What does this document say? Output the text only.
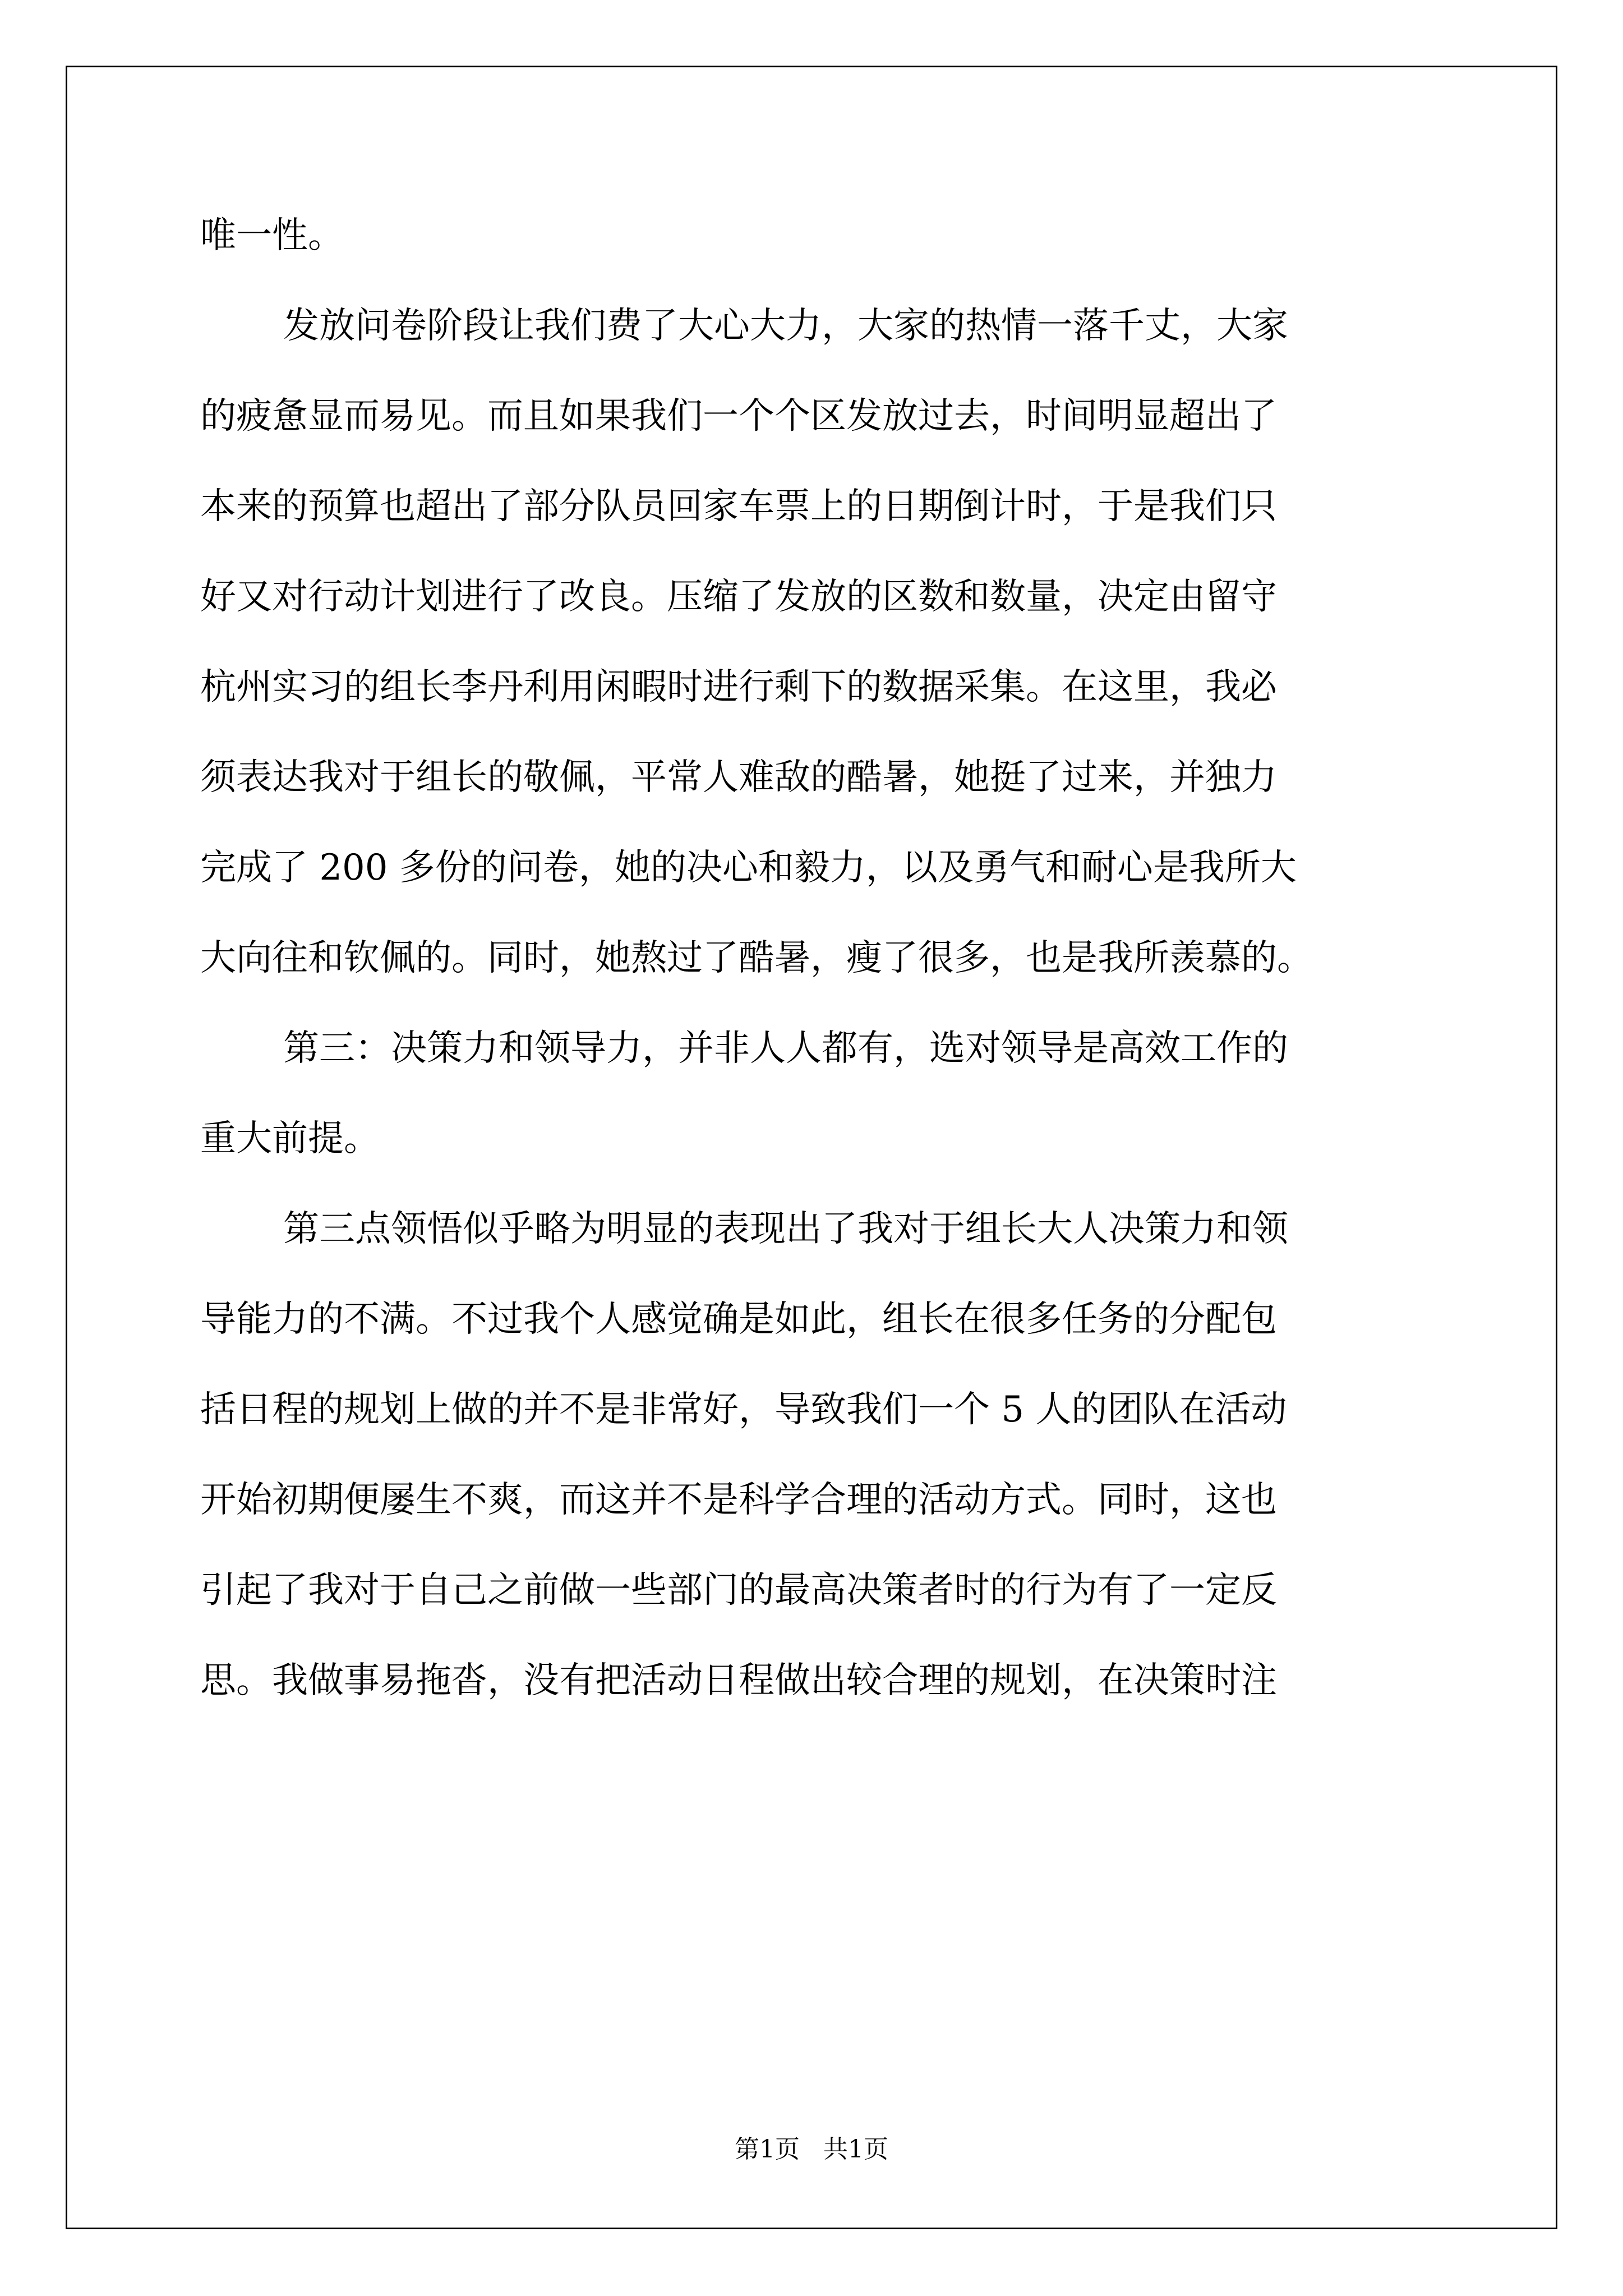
唯一性。
发放问卷阶段让我们费了大心大力，大家的热情一落千丈，大家
的疲惫显而易见。而且如果我们一个个区发放过去，时间明显超出了
本来的预算也超出了部分队员回家车票上的日期倒计时，于是我们只
好又对行动计划进行了改良。压缩了发放的区数和数量，决定由留守
杭州实习的组长李丹利用闲暇时进行剩下的数据采集。在这里，我必
须表达我对于组长的敬佩，平常人难敌的酷暑，她挺了过来，并独力
完成了 200 多份的问卷，她的决心和毅力，以及勇气和耐心是我所大
大向往和钦佩的。同时，她熬过了酷暑，瘦了很多，也是我所羡慕的。
第三：决策力和领导力，并非人人都有，选对领导是高效工作的
重大前提。
第三点领悟似乎略为明显的表现出了我对于组长大人决策力和领
导能力的不满。不过我个人感觉确是如此，组长在很多任务的分配包
括日程的规划上做的并不是非常好，导致我们一个 5 人的团队在活动
开始初期便屡生不爽，而这并不是科学合理的活动方式。同时，这也
引起了我对于自己之前做一些部门的最高决策者时的行为有了一定反
思。我做事易拖沓，没有把活动日程做出较合理的规划，在决策时注
第1页   共1页
